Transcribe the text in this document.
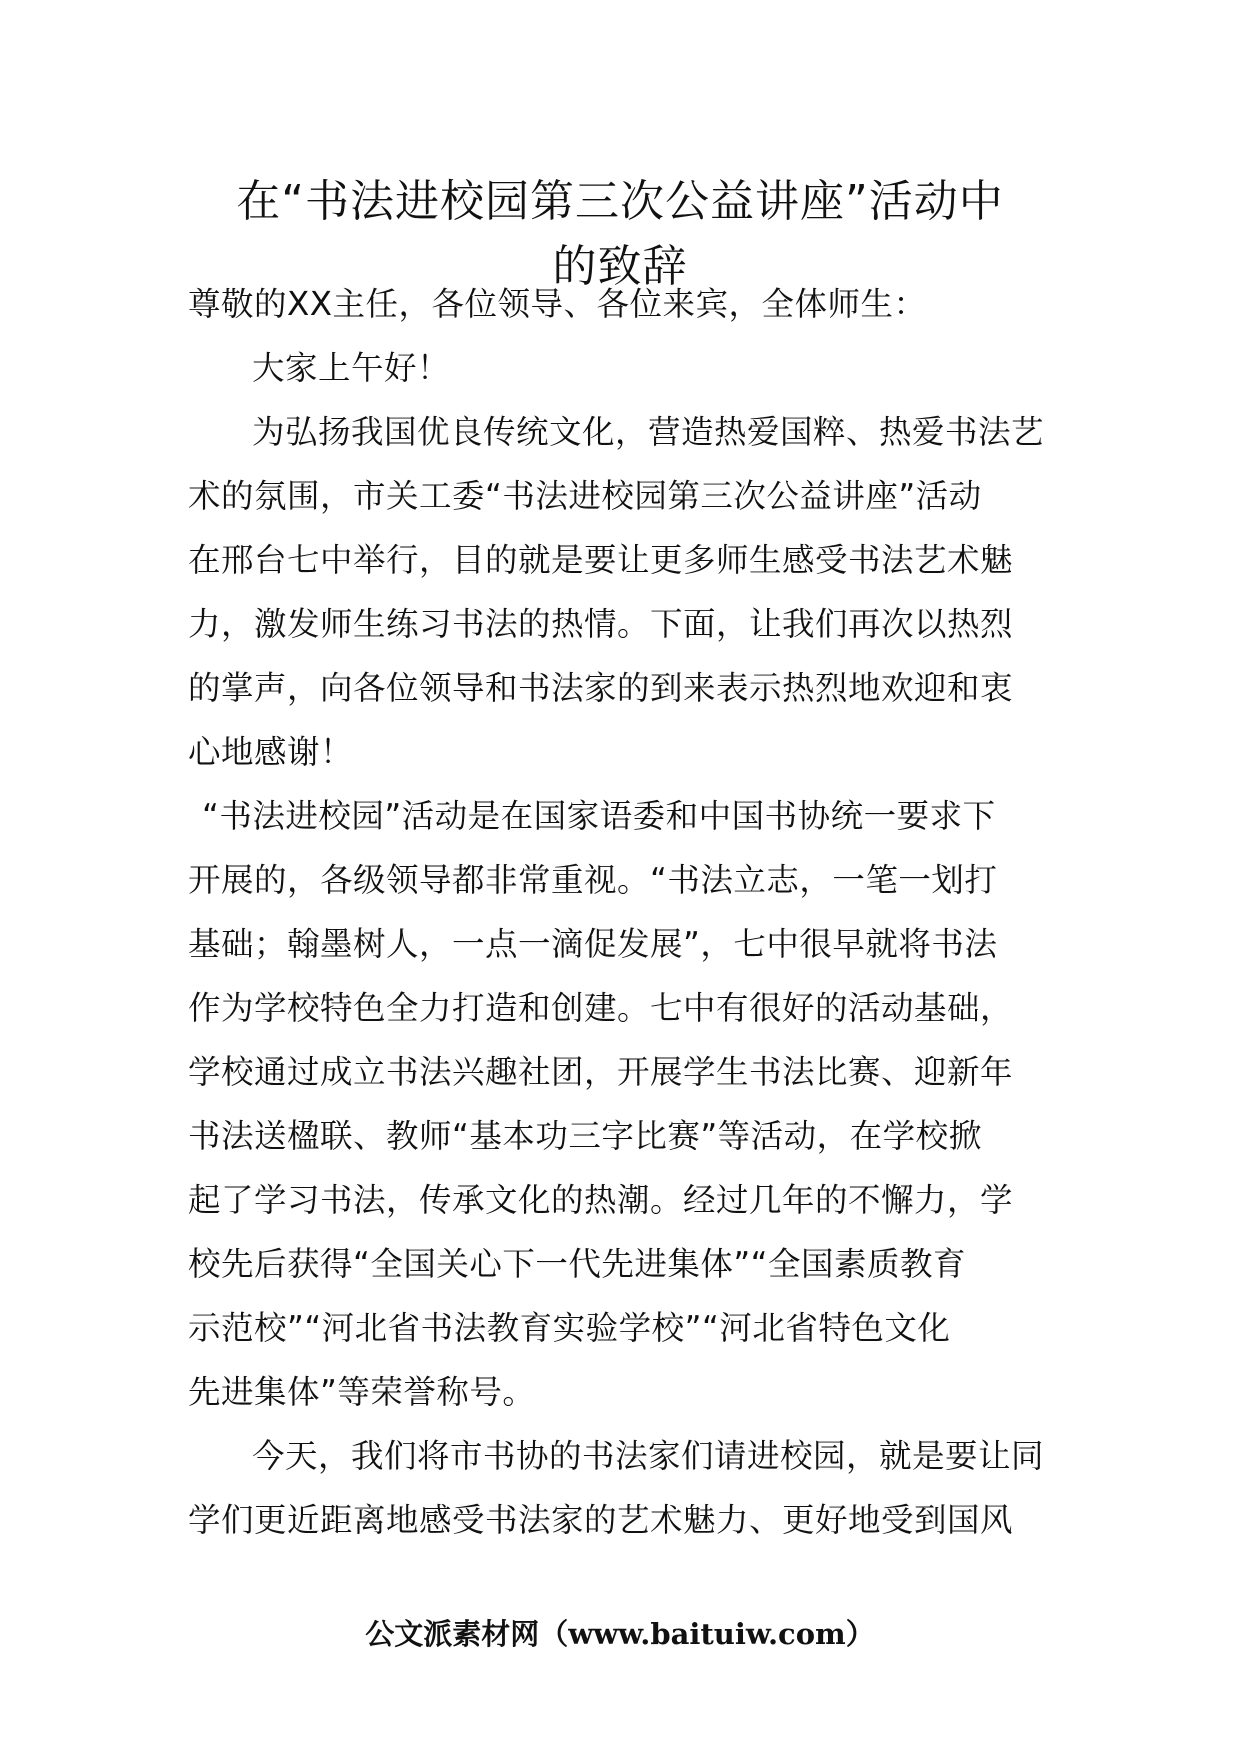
在“书法进校园第三次公益讲座”活动中
的致辞
尊敬的XX主任，各位领导、各位来宾，全体师生：
大家上午好！
为弘扬我国优良传统文化，营造热爱国粹、热爱书法艺
术的氛围，市关工委“书法进校园第三次公益讲座”活动
在邢台七中举行，目的就是要让更多师生感受书法艺术魅
力，激发师生练习书法的热情。下面，让我们再次以热烈
的掌声，向各位领导和书法家的到来表示热烈地欢迎和衷
心地感谢！
“书法进校园”活动是在国家语委和中国书协统一要求下
开展的，各级领导都非常重视。“书法立志，一笔一划打
基础；翰墨树人，一点一滴促发展”，七中很早就将书法
作为学校特色全力打造和创建。七中有很好的活动基础，
学校通过成立书法兴趣社团，开展学生书法比赛、迎新年
书法送楹联、教师“基本功三字比赛”等活动，在学校掀
起了学习书法，传承文化的热潮。经过几年的不懈力，学
校先后获得“全国关心下一代先进集体”“全国素质教育
示范校”“河北省书法教育实验学校”“河北省特色文化
先进集体”等荣誉称号。
今天，我们将市书协的书法家们请进校园，就是要让同
学们更近距离地感受书法家的艺术魅力、更好地受到国风
公文派素材网（www.baituiw.com）
